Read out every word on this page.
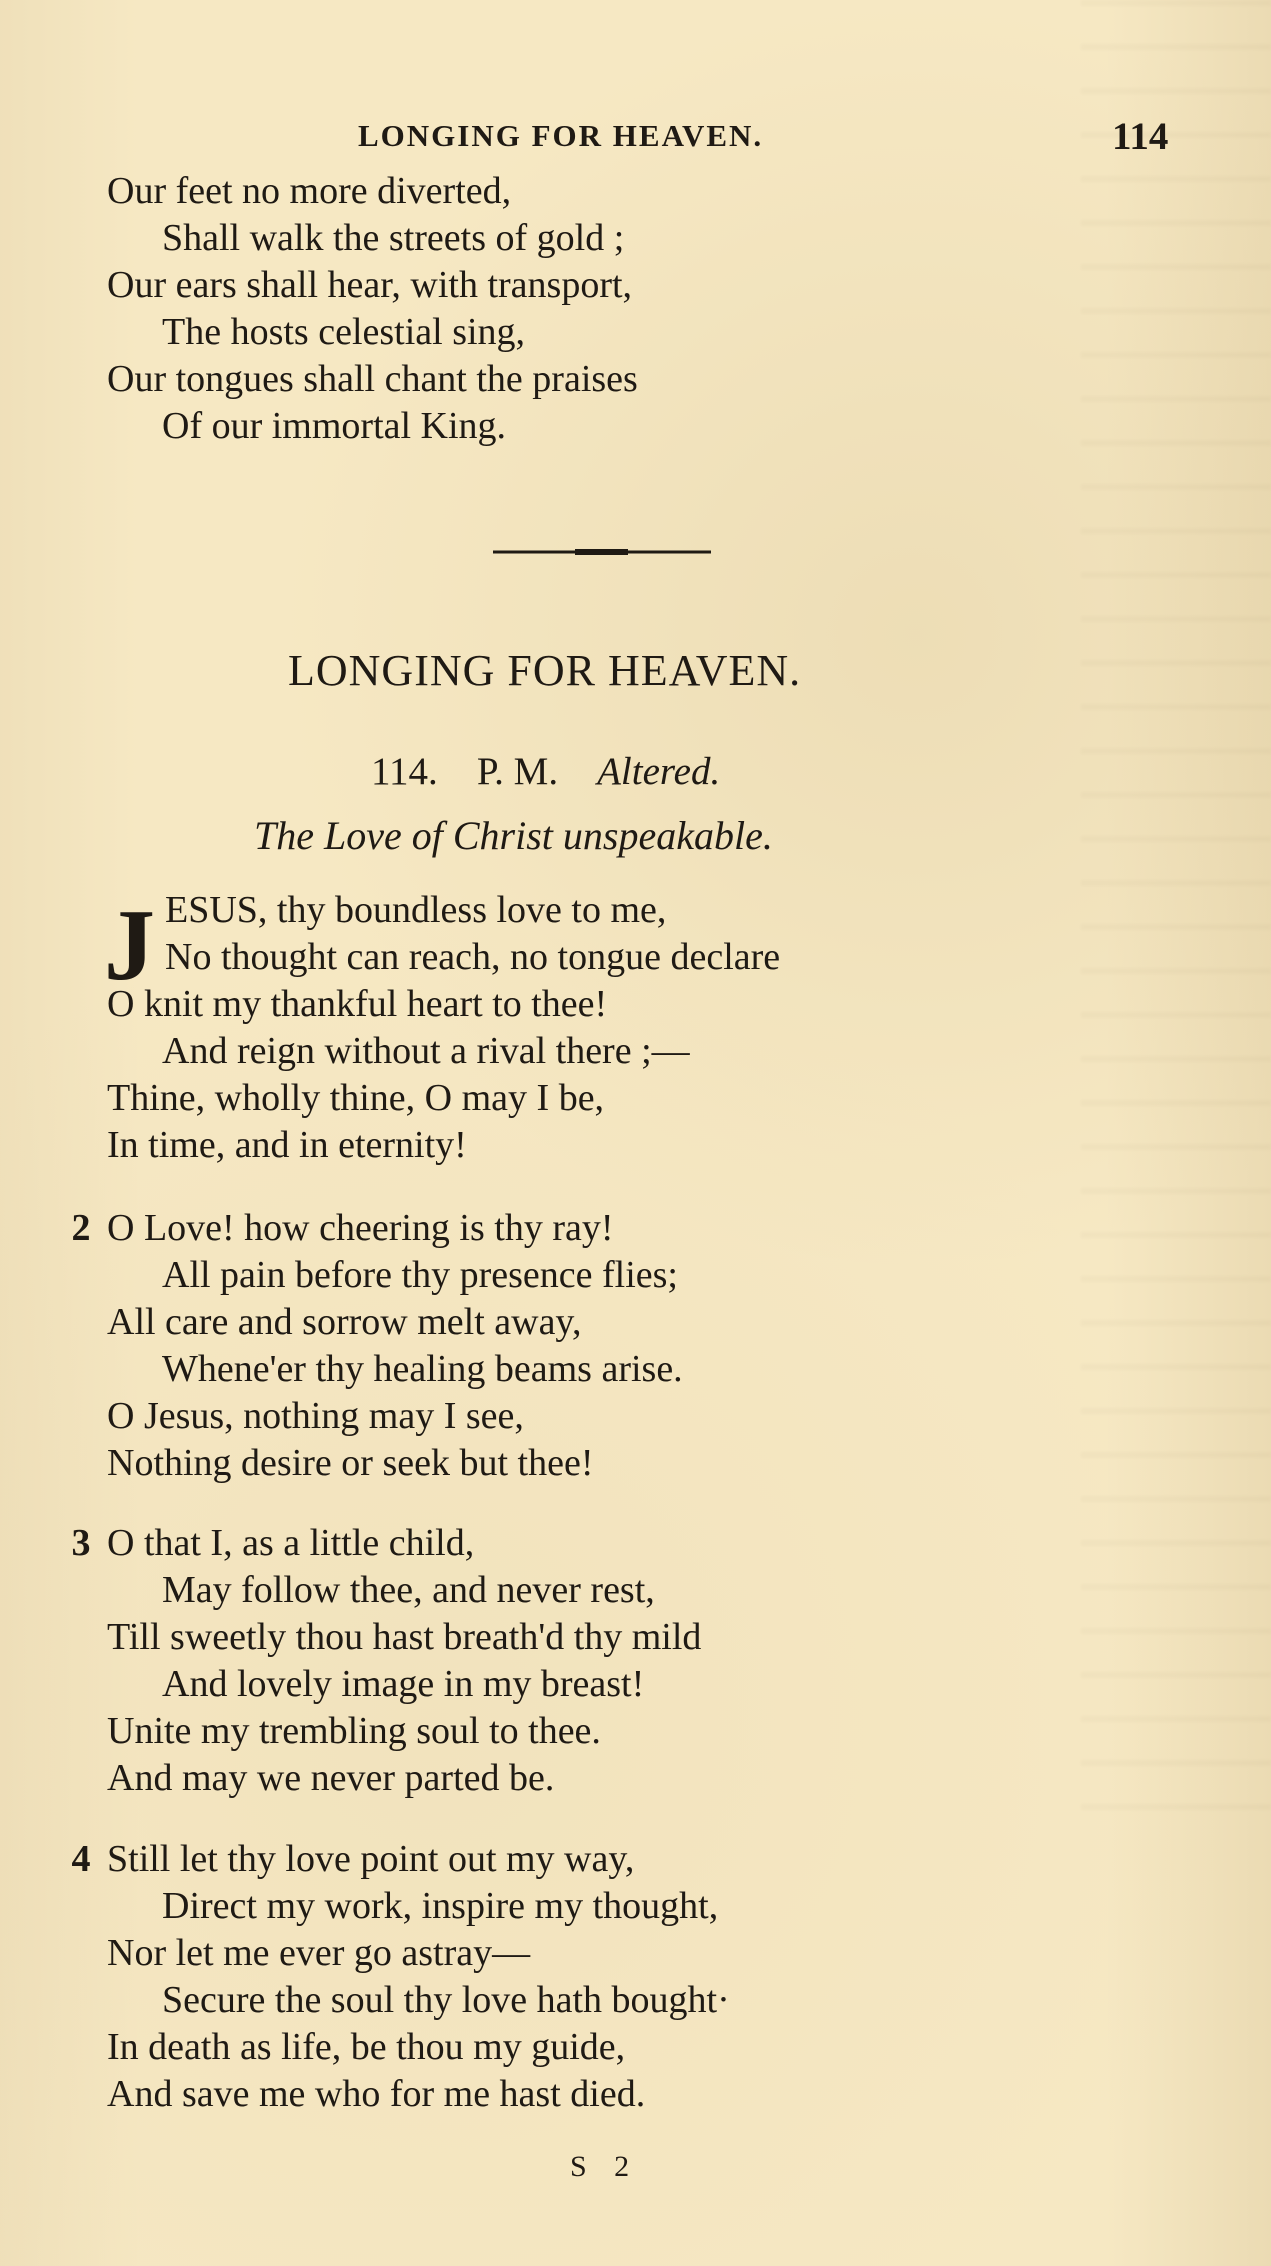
LONGING FOR HEAVEN.	114
Our feet no more diverted,
Shall walk the streets of gold ;
Our ears shall hear, with transport,
The hosts celestial sing,
Our tongues shall chant the praises
Of our immortal King.
LONGING FOR HEAVEN.
114. P. M. Altered.
The Love of Christ unspeakable.
J ESUS, thy boundless love to me,
No thought can reach, no tongue declare
O knit my thankful heart to thee!
And reign without a rival there ;—
Thine, wholly thine, O may I be,
In time, and in eternity!
2 O Love! how cheering is thy ray!
All pain before thy presence flies;
All care and sorrow melt away,
Whene'er thy healing beams arise.
O Jesus, nothing may I see,
Nothing desire or seek but thee!
3 O that I, as a little child,
May follow thee, and never rest,
Till sweetly thou hast breath'd thy mild
And lovely image in my breast!
Unite my trembling soul to thee.
And may we never parted be.
4 Still let thy love point out my way,
Direct my work, inspire my thought,
Nor let me ever go astray—
Secure the soul thy love hath bought·
In death as life, be thou my guide,
And save me who for me hast died.
S 2
